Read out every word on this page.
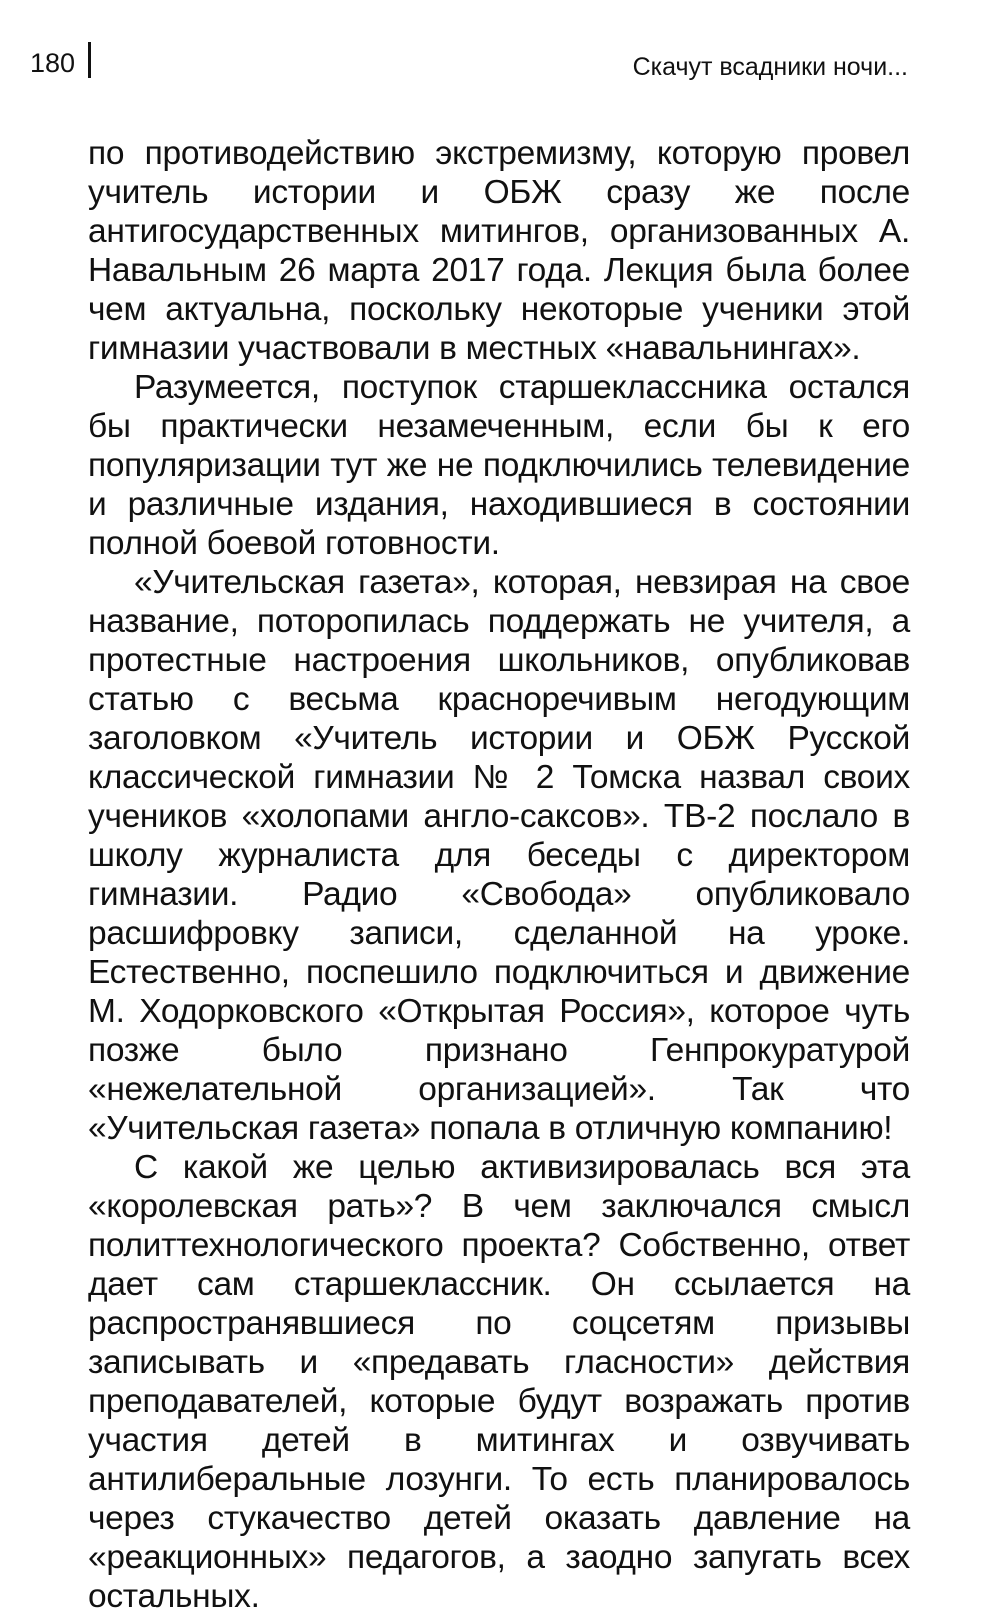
180	Скачут всадники ночи...

по противодействию экстремизму, которую провел учитель истории и ОБЖ сразу же после антигосударственных митингов, организованных А. Навальным 26 марта 2017 года. Лекция была более чем актуальна, поскольку некоторые ученики этой гимназии участвовали в местных «навальнингах».

Разумеется, поступок старшеклассника остался бы практически незамеченным, если бы к его популяризации тут же не подключились телевидение и различные издания, находившиеся в состоянии полной боевой готовности.

«Учительская газета», которая, невзирая на свое название, поторопилась поддержать не учителя, а протестные настроения школьников, опубликовав статью с весьма красноречивым негодующим заголовком «Учитель истории и ОБЖ Русской классической гимназии № 2 Томска назвал своих учеников «холопами англо-саксов». ТВ-2 послало в школу журналиста для беседы с директором гимназии. Радио «Свобода» опубликовало расшифровку записи, сделанной на уроке. Естественно, поспешило подключиться и движение М. Ходорковского «Открытая Россия», которое чуть позже было признано Генпрокуратурой «нежелательной организацией». Так что «Учительская газета» попала в отличную компанию!

С какой же целью активизировалась вся эта «королевская рать»? В чем заключался смысл политтехнологического проекта? Собственно, ответ дает сам старшеклассник. Он ссылается на распространявшиеся по соцсетям призывы записывать и «предавать гласности» действия преподавателей, которые будут возражать против участия детей в митингах и озвучивать антилиберальные лозунги. То есть планировалось через стукачество детей оказать давление на «реакционных» педагогов, а заодно запугать всех остальных.
